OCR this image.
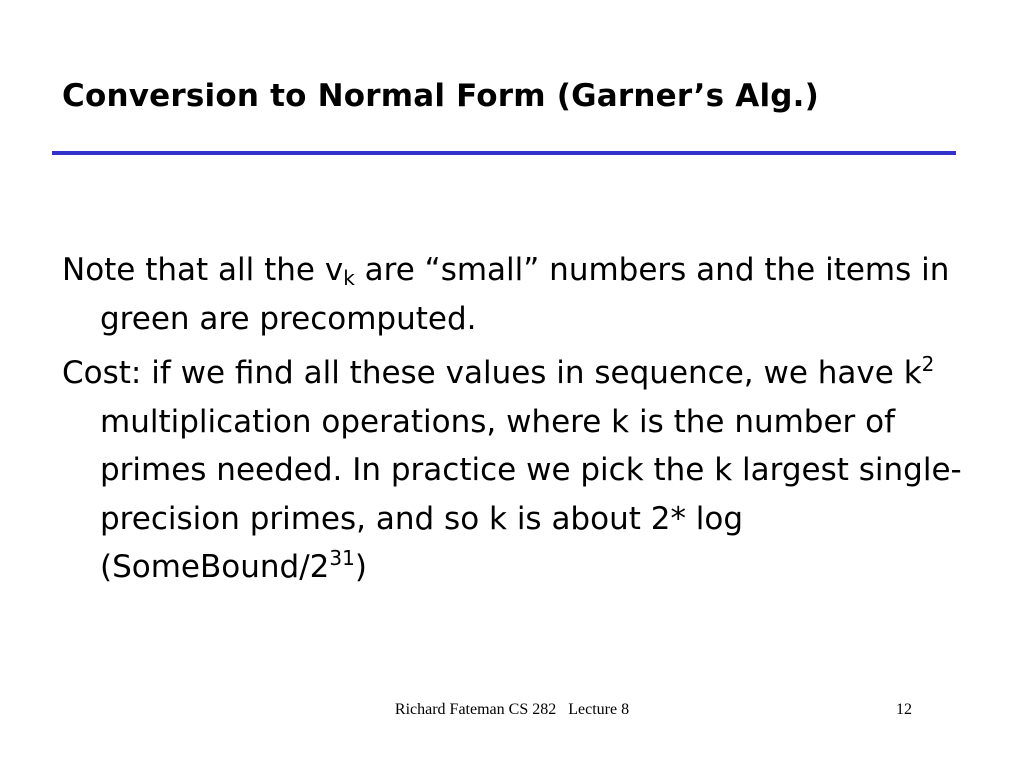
Conversion to Normal Form (Garner’s Alg.)

Note that all the $v_k$ are “small” numbers and the items in green are precomputed.

Cost: if we find all these values in sequence, we have $k^2$ multiplication operations, where k is the number of primes needed. In practice we pick the k largest single-precision primes, and so k is about 2* $\log (SomeBound/2^{31})$

Richard Fateman CS 282   Lecture 8	12
